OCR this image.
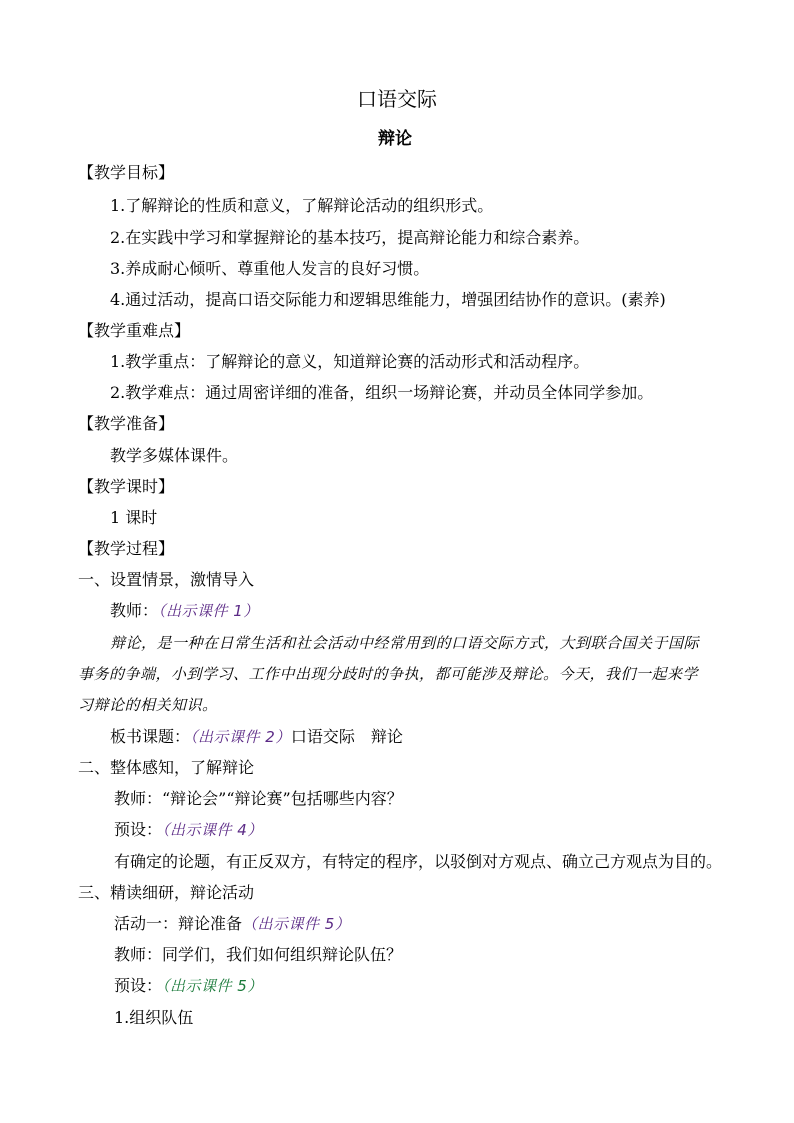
口语交际
辩论
【教学目标】
1.了解辩论的性质和意义，了解辩论活动的组织形式。
2.在实践中学习和掌握辩论的基本技巧，提高辩论能力和综合素养。
3.养成耐心倾听、尊重他人发言的良好习惯。
4.通过活动，提高口语交际能力和逻辑思维能力，增强团结协作的意识。(素养)
【教学重难点】
1.教学重点：了解辩论的意义，知道辩论赛的活动形式和活动程序。
2.教学难点：通过周密详细的准备，组织一场辩论赛，并动员全体同学参加。
【教学准备】
教学多媒体课件。
【教学课时】
1 课时
【教学过程】
一、设置情景，激情导入
教师：（出示课件 1）
辩论，是一种在日常生活和社会活动中经常用到的口语交际方式，大到联合国关于国际
事务的争端，小到学习、工作中出现分歧时的争执，都可能涉及辩论。今天，我们一起来学
习辩论的相关知识。
板书课题：（出示课件 2）口语交际　辩论
二、整体感知，了解辩论
教师：“辩论会”“辩论赛”包括哪些内容？
预设：（出示课件 4）
有确定的论题，有正反双方，有特定的程序，以驳倒对方观点、确立己方观点为目的。
三、精读细研，辩论活动
活动一：辩论准备（出示课件 5）
教师：同学们，我们如何组织辩论队伍？
预设：（出示课件 5）
1.组织队伍
